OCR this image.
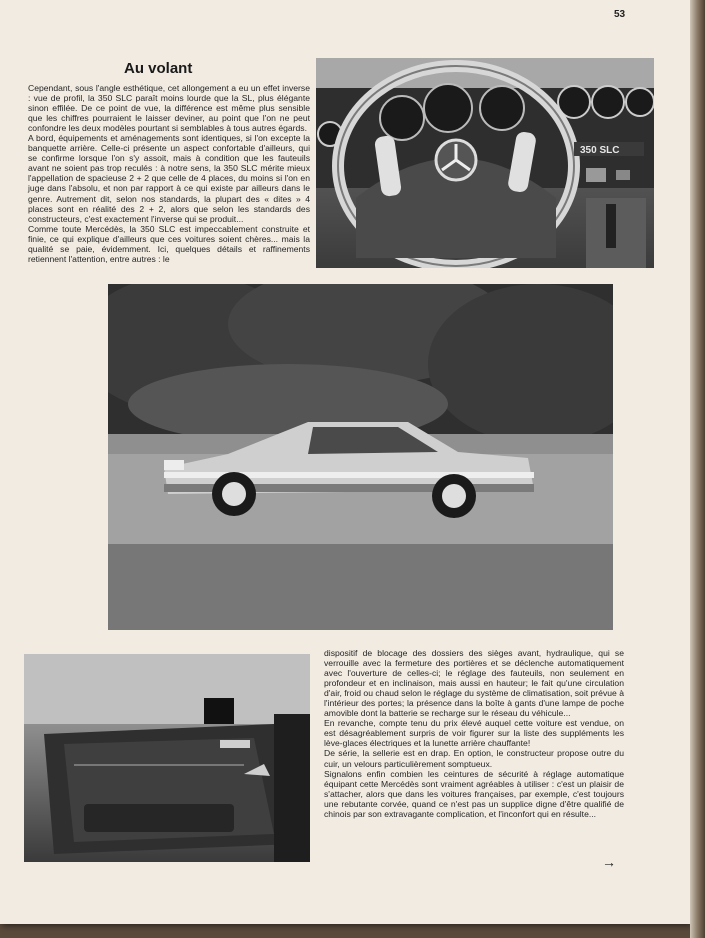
53
Au volant

Cependant, sous l'angle esthétique, cet allongement a eu un effet inverse : vue de profil, la 350 SLC paraît moins lourde que la SL, plus élégante sinon effilée. De ce point de vue, la différence est même plus sensible que les chiffres pourraient le laisser deviner, au point que l'on ne peut confondre les deux modèles pourtant si semblables à tous autres égards.

A bord, équipements et aménagements sont identiques, si l'on excepte la banquette arrière. Celle-ci présente un aspect confortable d'ailleurs, qui se confirme lorsque l'on s'y assoit, mais à condition que les fauteuils avant ne soient pas trop reculés : à notre sens, la 350 SLC mérite mieux l'appellation de spacieuse 2 + 2 que celle de 4 places, du moins si l'on en juge dans l'absolu, et non par rapport à ce qui existe par ailleurs dans le genre. Autrement dit, selon nos standards, la plupart des « dites » 4 places sont en réalité des 2 + 2, alors que selon les standards des constructeurs, c'est exactement l'inverse qui se produit...

Comme toute Mercédès, la 350 SLC est impeccablement construite et finie, ce qui explique d'ailleurs que ces voitures soient chères... mais la qualité se paie, évidemment. Ici, quelques détails et raffinements retiennent l'attention, entre autres : le

350 SLC

dispositif de blocage des dossiers des sièges avant, hydraulique, qui se verrouille avec la fermeture des portières et se déclenche automatiquement avec l'ouverture de celles-ci; le réglage des fauteuils, non seulement en profondeur et en inclinaison, mais aussi en hauteur; le fait qu'une circulation d'air, froid ou chaud selon le réglage du système de climatisation, soit prévue à l'intérieur des portes; la présence dans la boîte à gants d'une lampe de poche amovible dont la batterie se recharge sur le réseau du véhicule...

En revanche, compte tenu du prix élevé auquel cette voiture est vendue, on est désagréablement surpris de voir figurer sur la liste des suppléments les lève-glaces électriques et la lunette arrière chauffante!

De série, la sellerie est en drap. En option, le constructeur propose outre du cuir, un velours particulièrement somptueux.

Signalons enfin combien les ceintures de sécurité à réglage automatique équipant cette Mercédès sont vraiment agréables à utiliser : c'est un plaisir de s'attacher, alors que dans les voitures françaises, par exemple, c'est toujours une rebutante corvée, quand ce n'est pas un supplice digne d'être qualifié de chinois par son extravagante complication, et l'inconfort qui en résulte...

→
